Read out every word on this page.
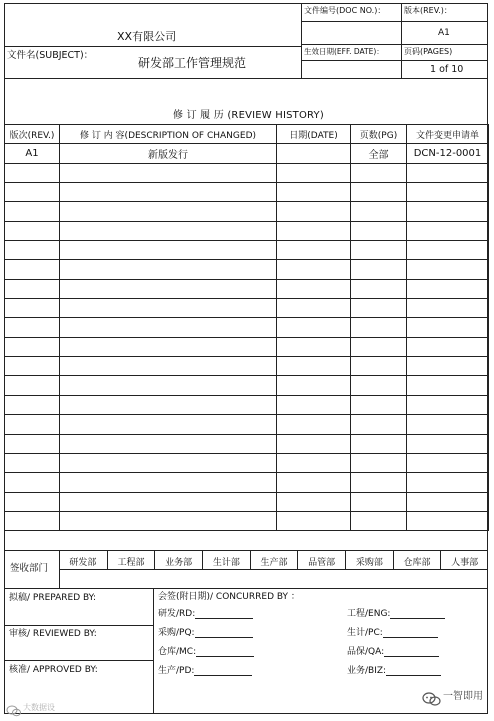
XX有限公司
文件名(SUBJECT)：
研发部工作管理规范
文件编号(DOC NO.)： 版本(REV.)：
A1
生效日期(EFF. DATE)：	页码(PAGES)
1 of 10
修 订 履 历 (REVIEW HISTORY)
版次(REV.)	修 订 内 容(DESCRIPTION OF CHANGED)	日期(DATE)	页数(PG)	文件变更申请单
A1	新版发行		全部	DCN-12-0001

签收部门	研发部	工程部	业务部	生计部	生产部	品管部	采购部	仓库部	人事部
拟稿/ PREPARED BY:
审核/ REVIEWED BY:
核准/ APPROVED BY:
会签(附日期)/ CONCURRED BY ：
研发/RD:
采购/PQ:
仓库/MC:
生产/PD:
工程/ENG:
生计/PC:
品保/QA:
业务/BIZ:
大数据设
一智即用
